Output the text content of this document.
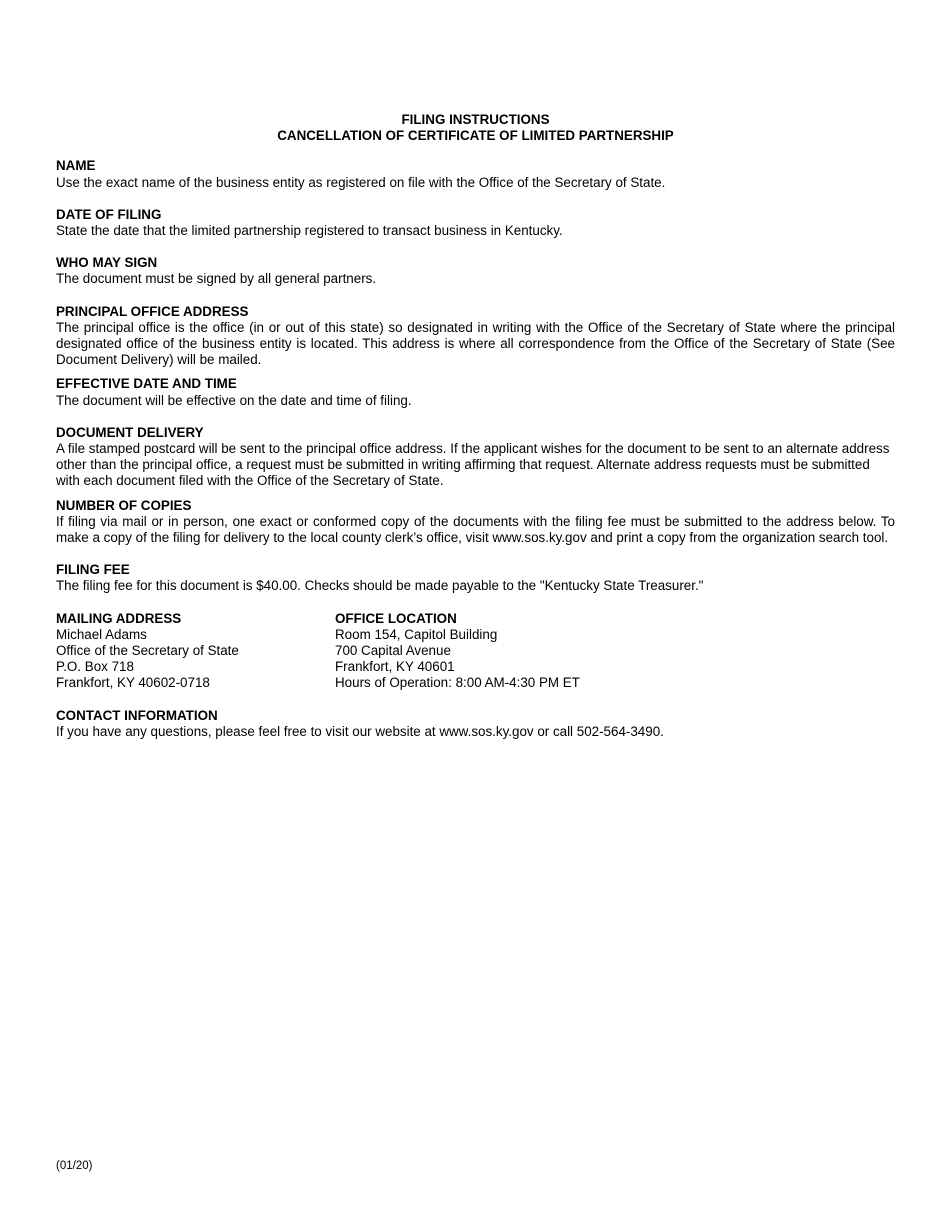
FILING INSTRUCTIONS
CANCELLATION OF CERTIFICATE OF LIMITED PARTNERSHIP
NAME
Use the exact name of the business entity as registered on file with the Office of the Secretary of State.
DATE OF FILING
State the date that the limited partnership registered to transact business in Kentucky.
WHO MAY SIGN
The document must be signed by all general partners.
PRINCIPAL OFFICE ADDRESS
The principal office is the office (in or out of this state) so designated in writing with the Office of the Secretary of State where the principal designated office of the business entity is located. This address is where all correspondence from the Office of the Secretary of State (See Document Delivery) will be mailed.
EFFECTIVE DATE AND TIME
The document will be effective on the date and time of filing.
DOCUMENT DELIVERY
A file stamped postcard will be sent to the principal office address. If the applicant wishes for the document to be sent to an alternate address other than the principal office, a request must be submitted in writing affirming that request. Alternate address requests must be submitted with each document filed with the Office of the Secretary of State.
NUMBER OF COPIES
If filing via mail or in person, one exact or conformed copy of the documents with the filing fee must be submitted to the address below. To make a copy of the filing for delivery to the local county clerk’s office, visit www.sos.ky.gov and print a copy from the organization search tool.
FILING FEE
The filing fee for this document is $40.00. Checks should be made payable to the "Kentucky State Treasurer."
MAILING ADDRESS
Michael Adams
Office of the Secretary of State
P.O. Box 718
Frankfort, KY 40602-0718
OFFICE LOCATION
Room 154, Capitol Building
700 Capital Avenue
Frankfort, KY 40601
Hours of Operation: 8:00 AM-4:30 PM ET
CONTACT INFORMATION
If you have any questions, please feel free to visit our website at www.sos.ky.gov or call 502-564-3490.
(01/20)
